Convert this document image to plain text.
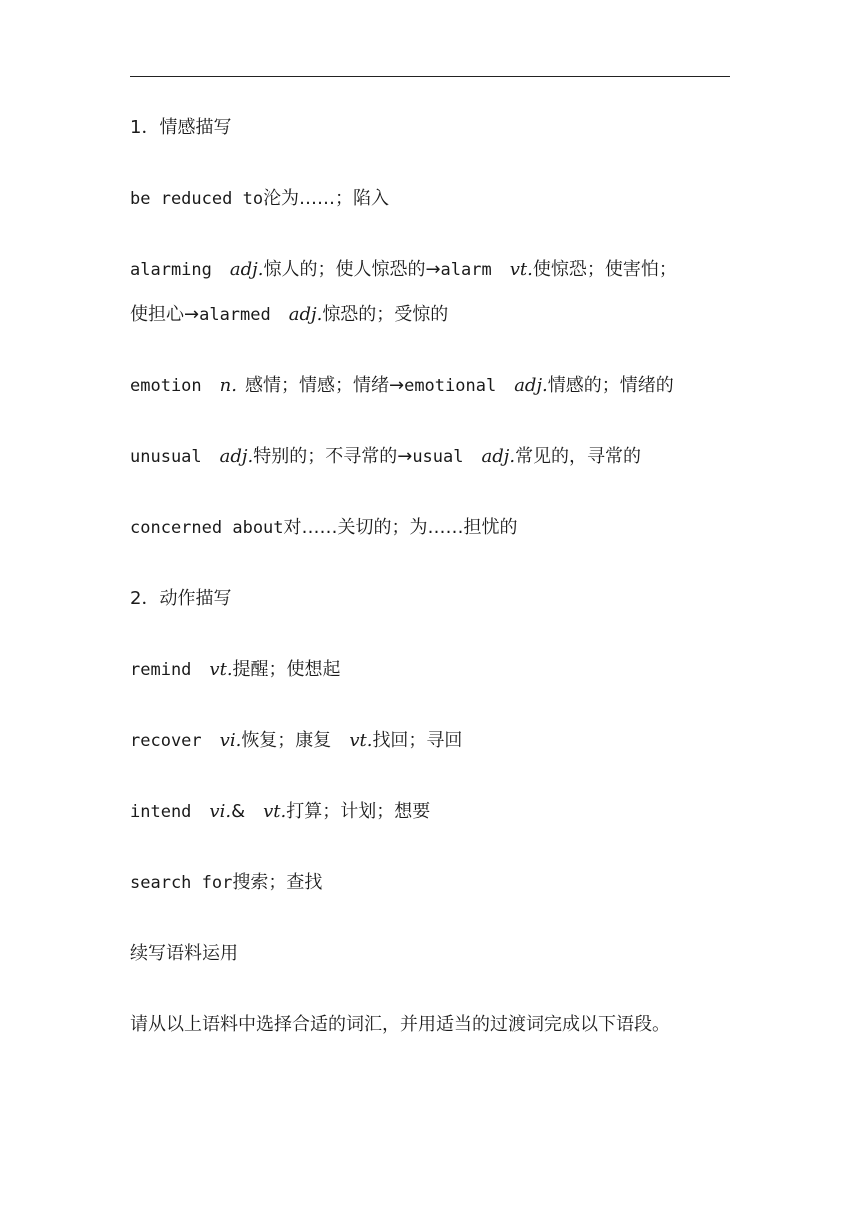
1．情感描写
be reduced to沦为……；陷入
alarming adj.惊人的；使人惊恐的→alarm vt.使惊恐；使害怕；
使担心→alarmed adj.惊恐的；受惊的
emotion n. 感情；情感；情绪→emotional adj.情感的；情绪的
unusual adj.特别的；不寻常的→usual adj.常见的，寻常的
concerned about对……关切的；为……担忧的
2．动作描写
remind vt.提醒；使想起
recover vi.恢复；康复 vt.找回；寻回
intend vi.& vt.打算；计划；想要
search for搜索；查找
续写语料运用
请从以上语料中选择合适的词汇，并用适当的过渡词完成以下语段。
